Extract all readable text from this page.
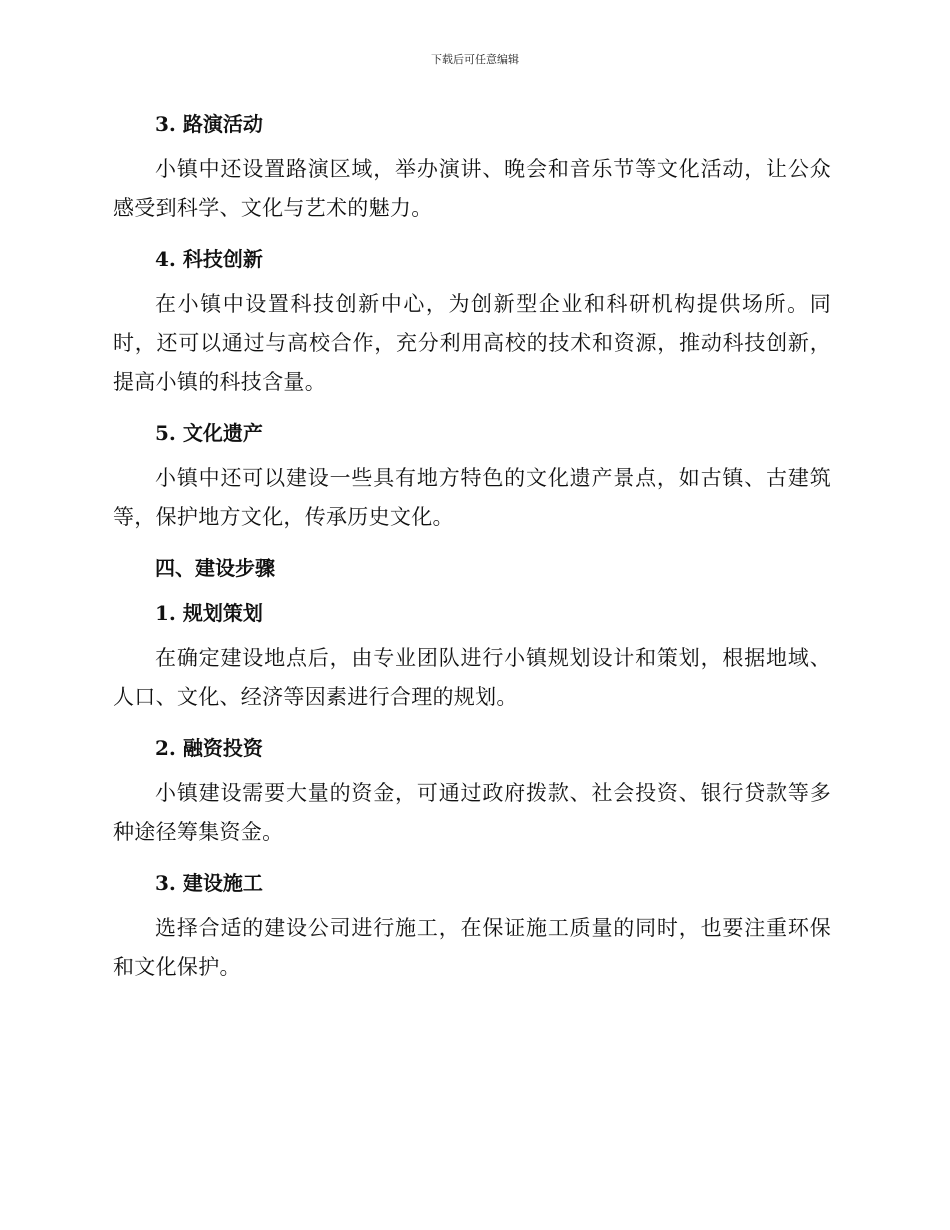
下载后可任意编辑
3. 路演活动
小镇中还设置路演区域，举办演讲、晚会和音乐节等文化活动，让公众感受到科学、文化与艺术的魅力。
4. 科技创新
在小镇中设置科技创新中心，为创新型企业和科研机构提供场所。同时，还可以通过与高校合作，充分利用高校的技术和资源，推动科技创新，提高小镇的科技含量。
5. 文化遗产
小镇中还可以建设一些具有地方特色的文化遗产景点，如古镇、古建筑等，保护地方文化，传承历史文化。
四、建设步骤
1. 规划策划
在确定建设地点后，由专业团队进行小镇规划设计和策划，根据地域、人口、文化、经济等因素进行合理的规划。
2. 融资投资
小镇建设需要大量的资金，可通过政府拨款、社会投资、银行贷款等多种途径筹集资金。
3. 建设施工
选择合适的建设公司进行施工，在保证施工质量的同时，也要注重环保和文化保护。
